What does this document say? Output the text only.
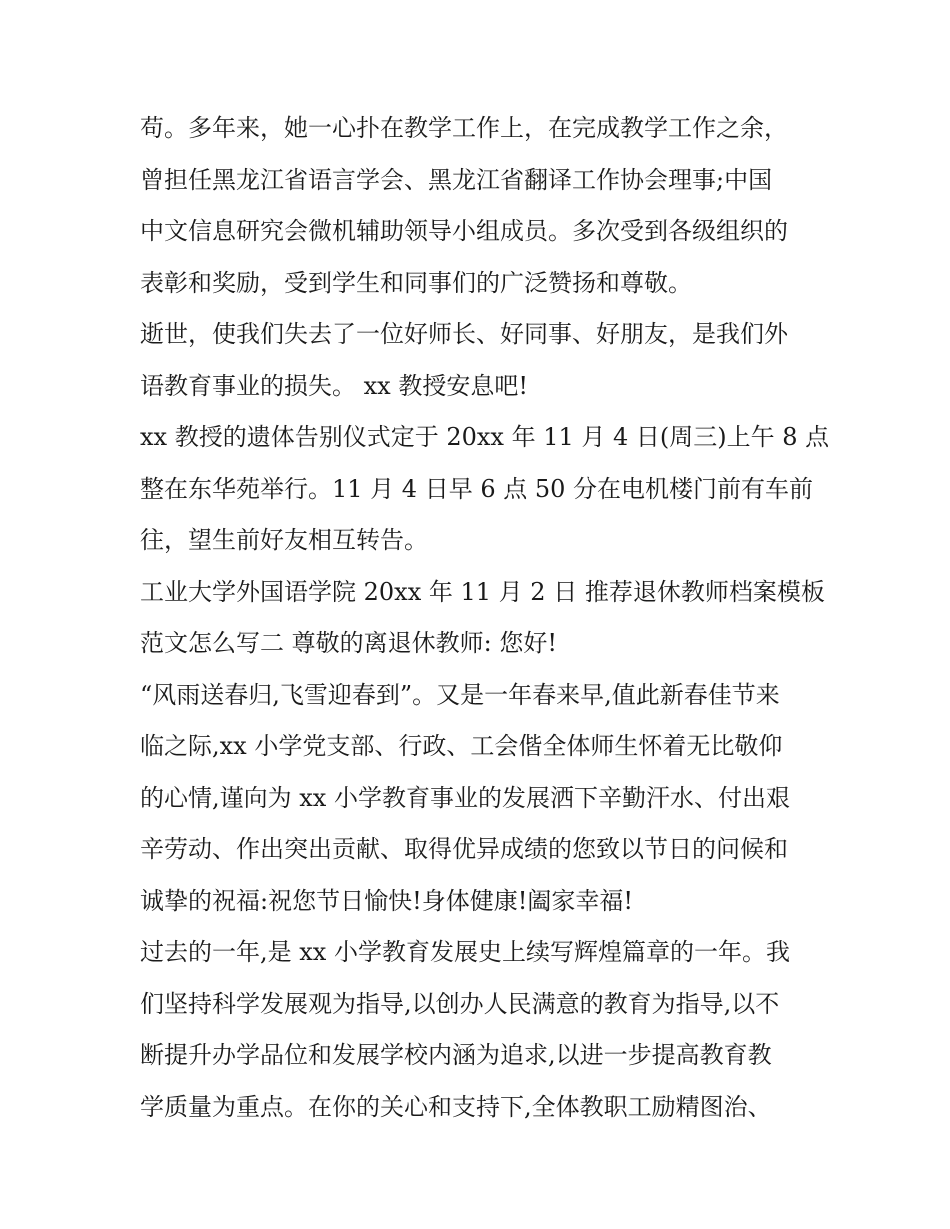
苟。多年来，她一心扑在教学工作上，在完成教学工作之余，
曾担任黑龙江省语言学会、黑龙江省翻译工作协会理事;中国
中文信息研究会微机辅助领导小组成员。多次受到各级组织的
表彰和奖励，受到学生和同事们的广泛赞扬和尊敬。
逝世，使我们失去了一位好师长、好同事、好朋友，是我们外
语教育事业的损失。 xx 教授安息吧!
xx 教授的遗体告别仪式定于 20xx 年 11 月 4 日(周三)上午 8 点
整在东华苑举行。11 月 4 日早 6 点 50 分在电机楼门前有车前
往，望生前好友相互转告。
工业大学外国语学院 20xx 年 11 月 2 日 推荐退休教师档案模板
范文怎么写二 尊敬的离退休教师: 您好!
“风雨送春归,飞雪迎春到”。又是一年春来早,值此新春佳节来
临之际,xx 小学党支部、行政、工会偕全体师生怀着无比敬仰
的心情,谨向为 xx 小学教育事业的发展洒下辛勤汗水、付出艰
辛劳动、作出突出贡献、取得优异成绩的您致以节日的问候和
诚挚的祝福:祝您节日愉快!身体健康!阖家幸福!
过去的一年,是 xx 小学教育发展史上续写辉煌篇章的一年。我
们坚持科学发展观为指导,以创办人民满意的教育为指导,以不
断提升办学品位和发展学校内涵为追求,以进一步提高教育教
学质量为重点。在你的关心和支持下,全体教职工励精图治、
